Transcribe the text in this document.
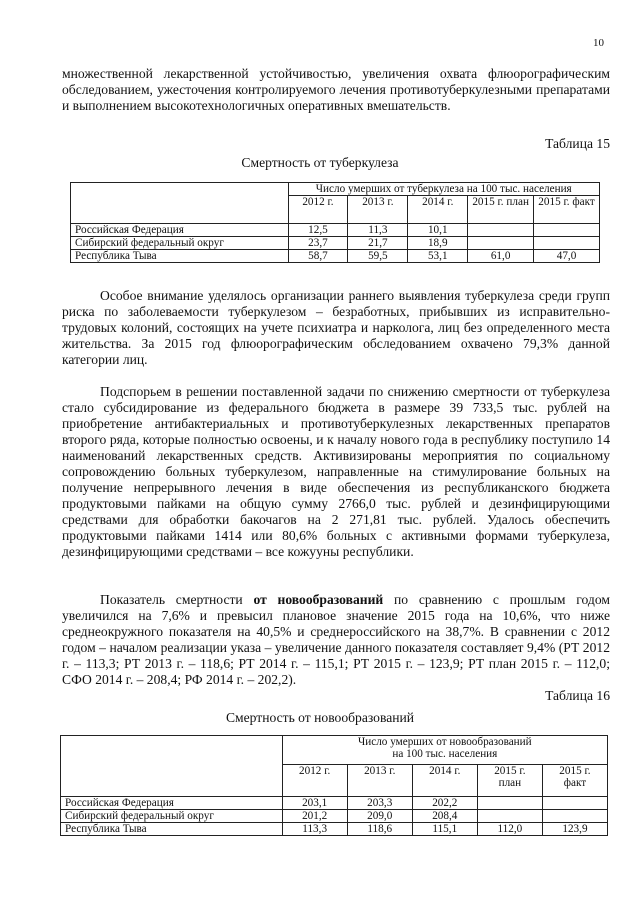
10

множественной лекарственной устойчивостью, увеличения охвата флюорографическим обследованием, ужесточения контролируемого лечения противотуберкулезными препаратами и выполнением высокотехнологичных оперативных вмешательств.

Таблица 15
Смертность от туберкулеза
	Число умерших от туберкулеза на 100 тыс. населения				
	2012 г.	2013 г.	2014 г.	2015 г. план	2015 г. факт
Российская Федерация	12,5	11,3	10,1		
Сибирский федеральный округ	23,7	21,7	18,9		
Республика Тыва	58,7	59,5	53,1	61,0	47,0

Особое внимание уделялось организации раннего выявления туберкулеза среди групп риска по заболеваемости туберкулезом – безработных, прибывших из исправительно-трудовых колоний, состоящих на учете психиатра и нарколога, лиц без определенного места жительства. За 2015 год флюорографическим обследованием охвачено 79,3% данной категории лиц.

Подспорьем в решении поставленной задачи по снижению смертности от туберкулеза стало субсидирование из федерального бюджета в размере 39 733,5 тыс. рублей на приобретение антибактериальных и противотуберкулезных лекарственных препаратов второго ряда, которые полностью освоены, и к началу нового года в республику поступило 14 наименований лекарственных средств. Активизированы мероприятия по социальному сопровождению больных туберкулезом, направленные на стимулирование больных на получение непрерывного лечения в виде обеспечения из республиканского бюджета продуктовыми пайками на общую сумму 2766,0 тыс. рублей и дезинфицирующими средствами для обработки бакочагов на 2 271,81 тыс. рублей. Удалось обеспечить продуктовыми пайками 1414 или 80,6% больных с активными формами туберкулеза, дезинфицирующими средствами – все кожууны республики.

Показатель смертности от новообразований по сравнению с прошлым годом увеличился на 7,6% и превысил плановое значение 2015 года на 10,6%, что ниже среднеокружного показателя на 40,5% и среднероссийского на 38,7%. В сравнении с 2012 годом – началом реализации указа – увеличение данного показателя составляет 9,4% (РТ 2012 г. – 113,3; РТ 2013 г. – 118,6; РТ 2014 г. – 115,1; РТ 2015 г. – 123,9; РТ план 2015 г. – 112,0; СФО 2014 г. – 208,4; РФ 2014 г. – 202,2).

Таблица 16
Смертность от новообразований
	Число умерших от новообразований на 100 тыс. населения				
	2012 г.	2013 г.	2014 г.	2015 г. план	2015 г. факт
Российская Федерация	203,1	203,3	202,2		
Сибирский федеральный округ	201,2	209,0	208,4		
Республика Тыва	113,3	118,6	115,1	112,0	123,9
